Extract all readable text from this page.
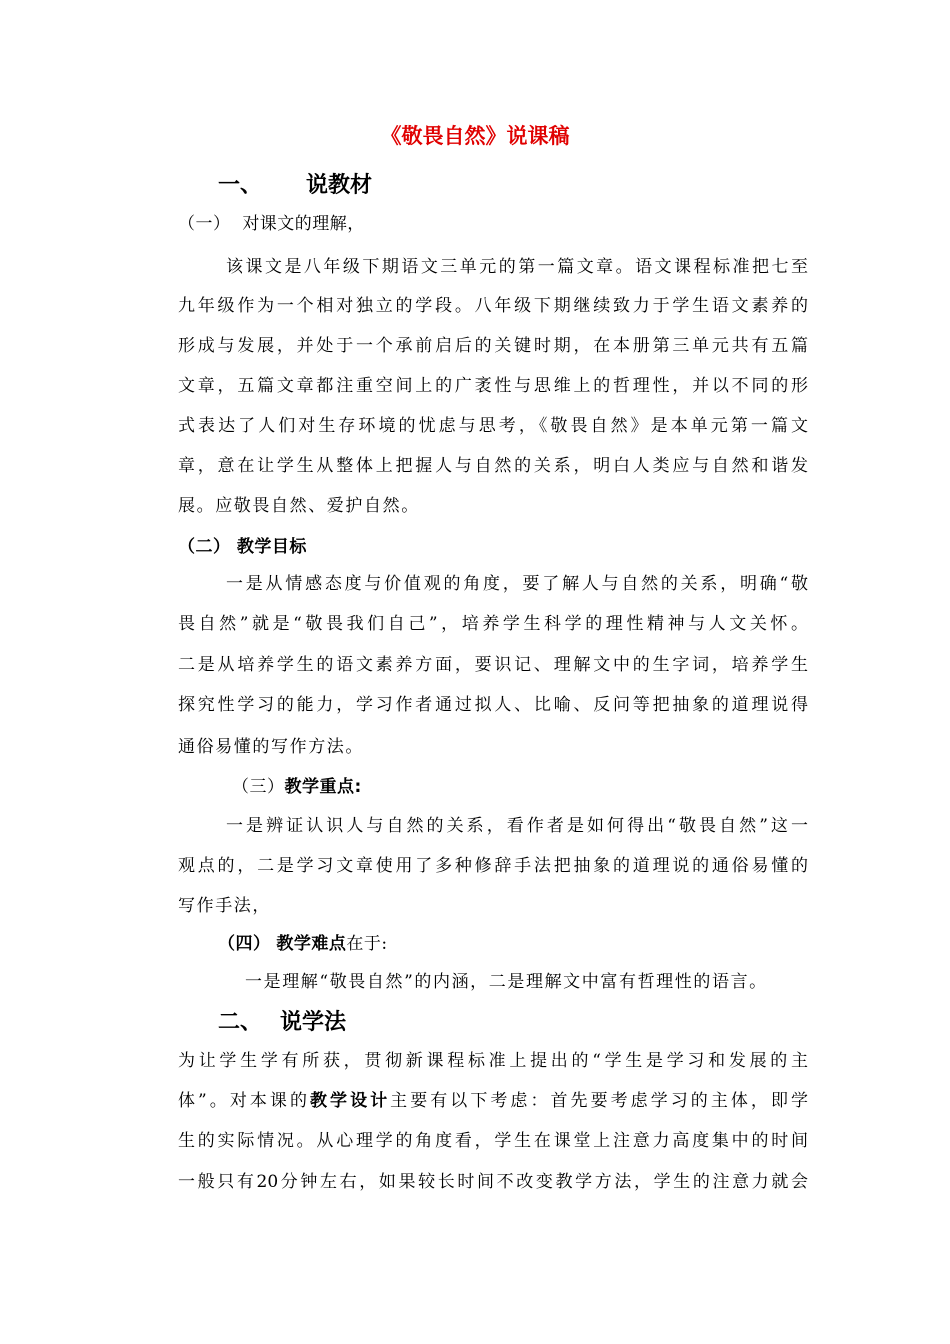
《敬畏自然》说课稿
一、 说教材
（一） 对课文的理解，
该课文是八年级下期语文三单元的第一篇文章。语文课程标准把七至
九年级作为一个相对独立的学段。八年级下期继续致力于学生语文素养的
形成与发展，并处于一个承前启后的关键时期，在本册第三单元共有五篇
文章，五篇文章都注重空间上的广袤性与思维上的哲理性，并以不同的形
式表达了人们对生存环境的忧虑与思考，《敬畏自然》是本单元第一篇文
章，意在让学生从整体上把握人与自然的关系，明白人类应与自然和谐发
展。应敬畏自然、爱护自然。
（二） 教学目标
一是从情感态度与价值观的角度，要了解人与自然的关系，明确“敬
畏自然”就是“敬畏我们自己”，培养学生科学的理性精神与人文关怀。
二是从培养学生的语文素养方面，要识记、理解文中的生字词，培养学生
探究性学习的能力，学习作者通过拟人、比喻、反问等把抽象的道理说得
通俗易懂的写作方法。
（三）教学重点:
一是辨证认识人与自然的关系，看作者是如何得出“敬畏自然”这一
观点的，二是学习文章使用了多种修辞手法把抽象的道理说的通俗易懂的
写作手法，
（四） 教学难点在于:
一是理解“敬畏自然”的内涵，二是理解文中富有哲理性的语言。
二、 说学法
为让学生学有所获，贯彻新课程标准上提出的“学生是学习和发展的主
体”。对本课的教学设计主要有以下考虑：首先要考虑学习的主体，即学
生的实际情况。从心理学的角度看，学生在课堂上注意力高度集中的时间
一般只有20分钟左右，如果较长时间不改变教学方法，学生的注意力就会
